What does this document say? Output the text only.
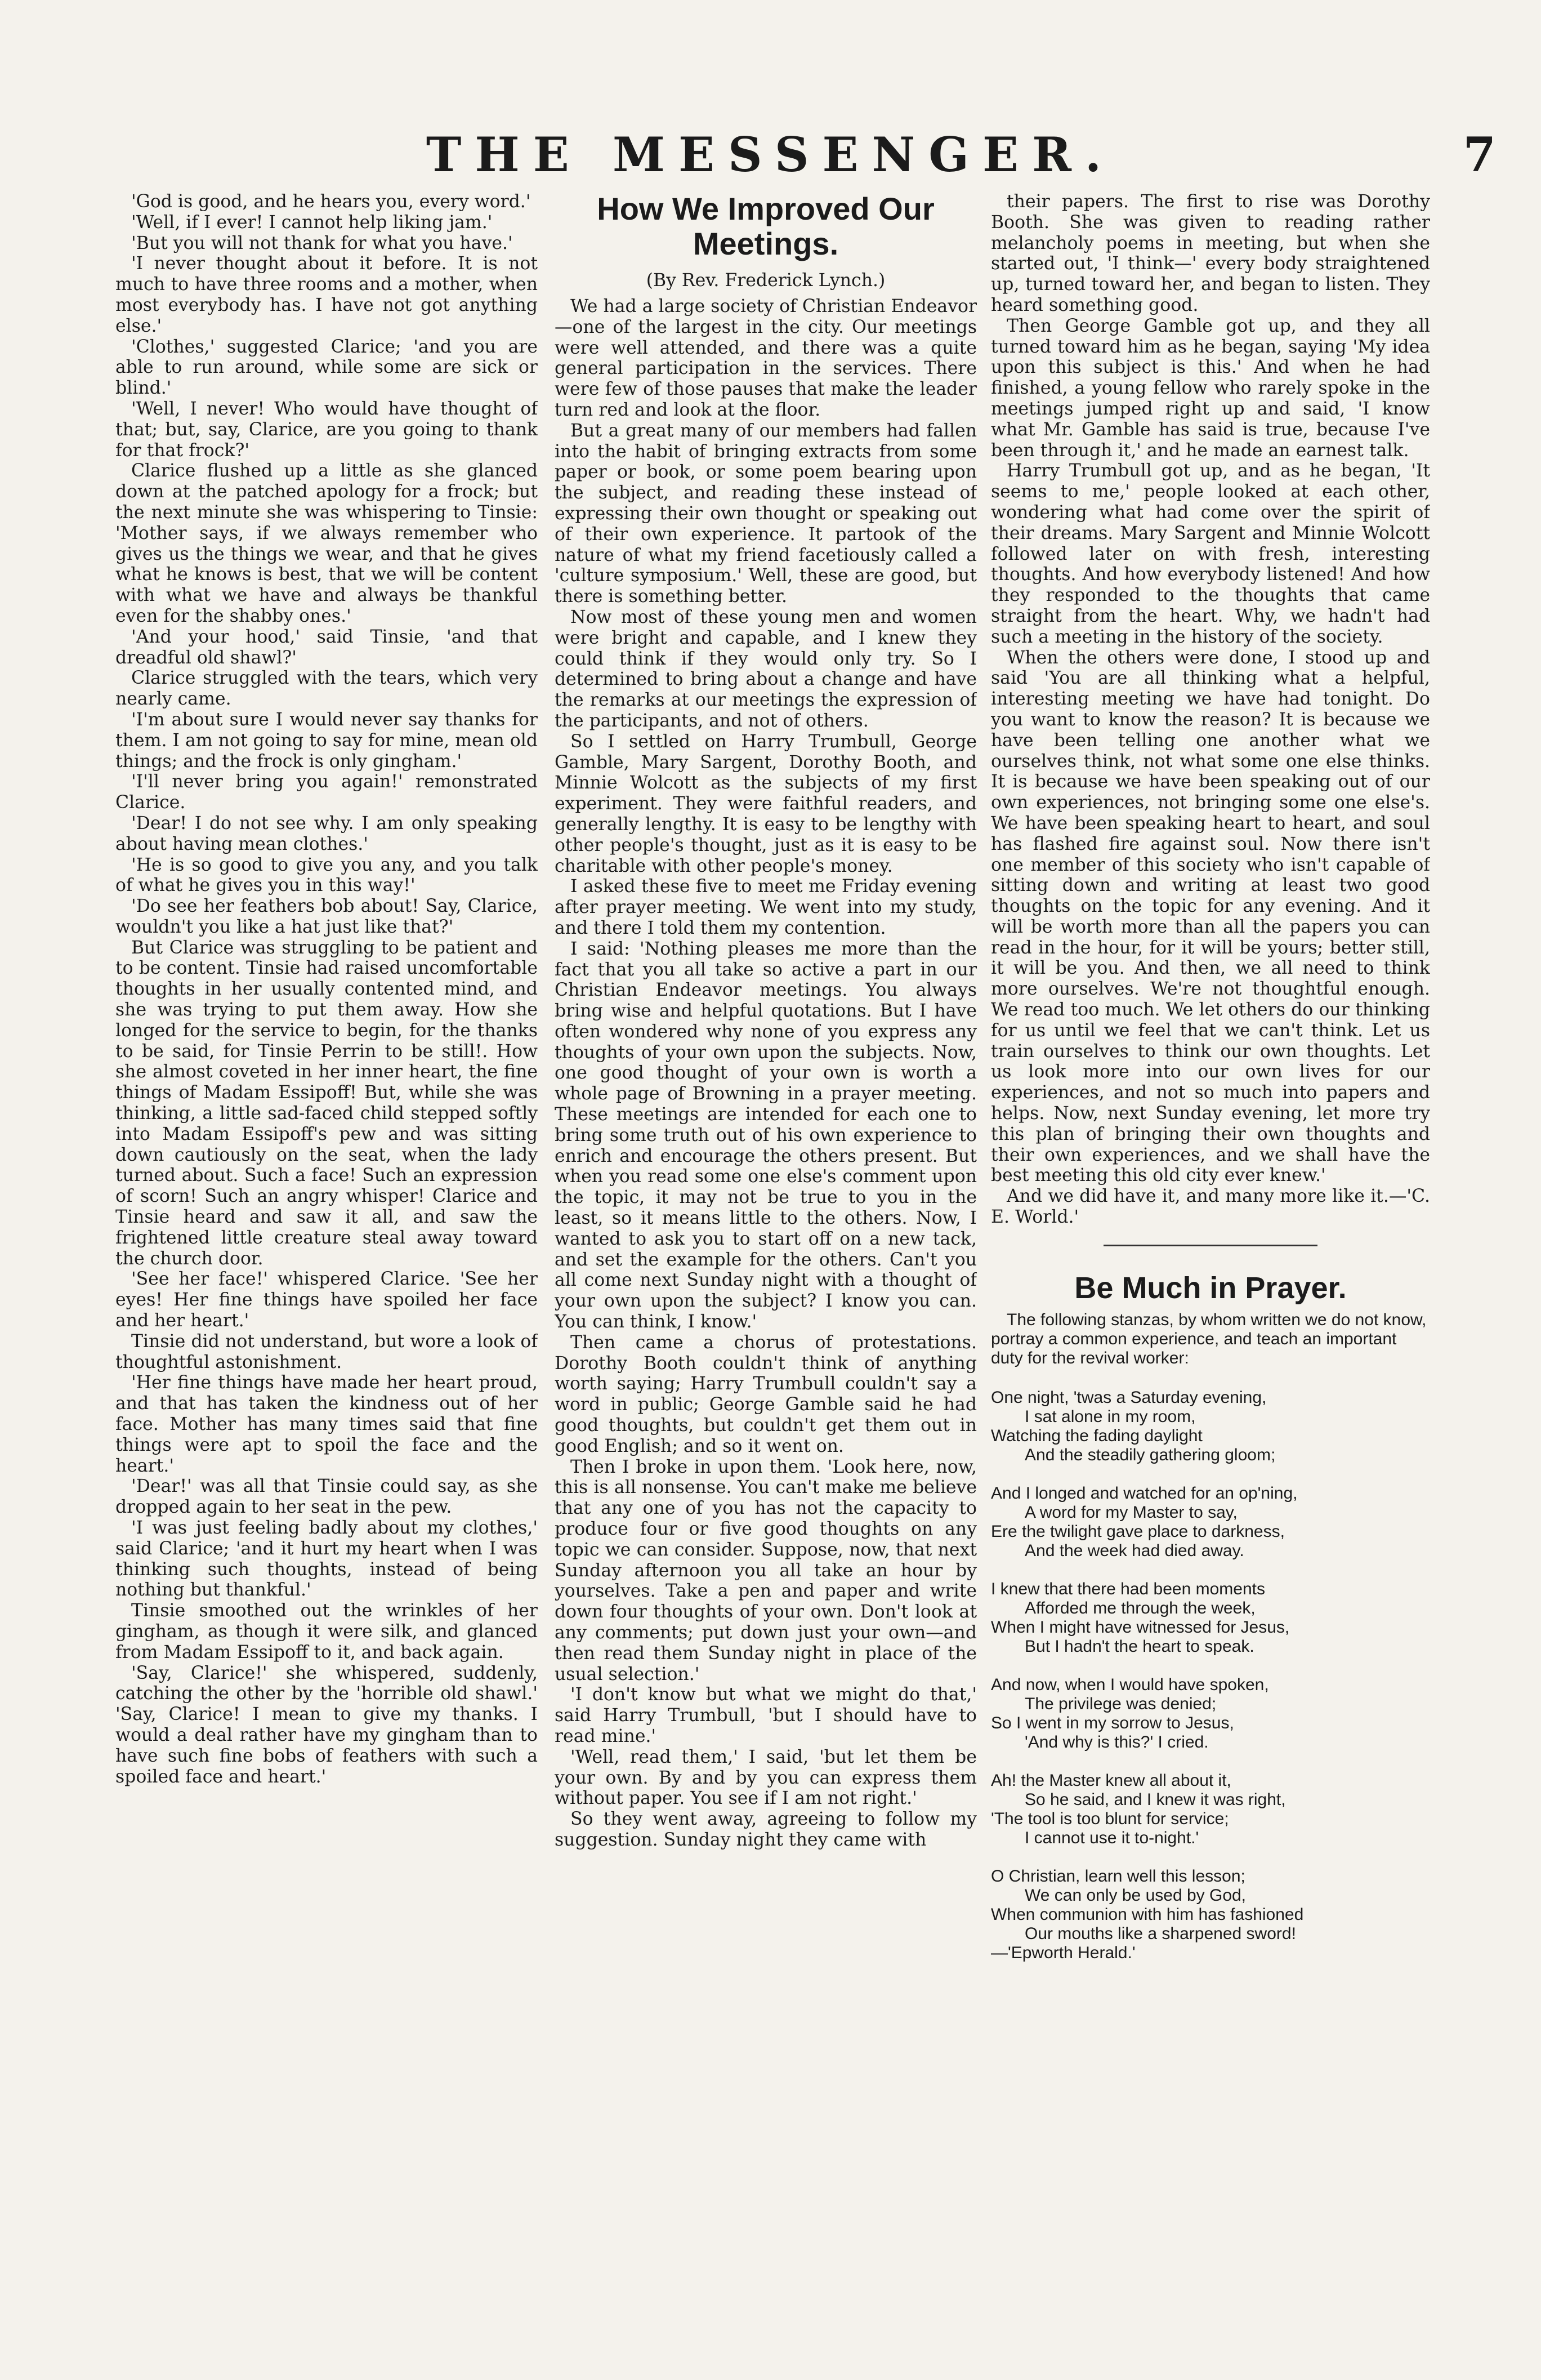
THE MESSENGER.	7

'God is good, and he hears you, every word.'

'Well, if I ever! I cannot help liking jam.'

'But you will not thank for what you have.'

'I never thought about it before. It is not much to have three rooms and a mother, when most everybody has. I have not got anything else.'

'Clothes,' suggested Clarice; 'and you are able to run around, while some are sick or blind.'

'Well, I never! Who would have thought of that; but, say, Clarice, are you going to thank for that frock?'

Clarice flushed up a little as she glanced down at the patched apology for a frock; but the next minute she was whispering to Tinsie: 'Mother says, if we always remember who gives us the things we wear, and that he gives what he knows is best, that we will be content with what we have and always be thankful even for the shabby ones.'

'And your hood,' said Tinsie, 'and that dreadful old shawl?'

Clarice struggled with the tears, which very nearly came.

'I'm about sure I would never say thanks for them. I am not going to say for mine, mean old things; and the frock is only gingham.'

'I'll never bring you again!' remonstrated Clarice.

'Dear! I do not see why. I am only speaking about having mean clothes.'

'He is so good to give you any, and you talk of what he gives you in this way!'

'Do see her feathers bob about! Say, Clarice, wouldn't you like a hat just like that?'

But Clarice was struggling to be patient and to be content. Tinsie had raised uncomfortable thoughts in her usually contented mind, and she was trying to put them away. How she longed for the service to begin, for the thanks to be said, for Tinsie Perrin to be still!. How she almost coveted in her inner heart, the fine things of Madam Essipoff! But, while she was thinking, a little sad-faced child stepped softly into Madam Essipoff's pew and was sitting down cautiously on the seat, when the lady turned about. Such a face! Such an expression of scorn! Such an angry whisper! Clarice and Tinsie heard and saw it all, and saw the frightened little creature steal away toward the church door.

'See her face!' whispered Clarice. 'See her eyes! Her fine things have spoiled her face and her heart.'

Tinsie did not understand, but wore a look of thoughtful astonishment.

'Her fine things have made her heart proud, and that has taken the kindness out of her face. Mother has many times said that fine things were apt to spoil the face and the heart.'

'Dear!' was all that Tinsie could say, as she dropped again to her seat in the pew.

'I was just feeling badly about my clothes,' said Clarice; 'and it hurt my heart when I was thinking such thoughts, instead of being nothing but thankful.'

Tinsie smoothed out the wrinkles of her gingham, as though it were silk, and glanced from Madam Essipoff to it, and back again.

'Say, Clarice!' she whispered, suddenly, catching the other by the 'horrible old shawl.' 'Say, Clarice! I mean to give my thanks. I would a deal rather have my gingham than to have such fine bobs of feathers with such a spoiled face and heart.'

How We Improved Our Meetings.
(By Rev. Frederick Lynch.)

We had a large society of Christian Endeavor—one of the largest in the city. Our meetings were well attended, and there was a quite general participation in the services. There were few of those pauses that make the leader turn red and look at the floor.

But a great many of our members had fallen into the habit of bringing extracts from some paper or book, or some poem bearing upon the subject, and reading these instead of expressing their own thought or speaking out of their own experience. It partook of the nature of what my friend facetiously called a 'culture symposium.' Well, these are good, but there is something better.

Now most of these young men and women were bright and capable, and I knew they could think if they would only try. So I determined to bring about a change and have the remarks at our meetings the expression of the participants, and not of others.

So I settled on Harry Trumbull, George Gamble, Mary Sargent, Dorothy Booth, and Minnie Wolcott as the subjects of my first experiment. They were faithful readers, and generally lengthy. It is easy to be lengthy with other people's thought, just as it is easy to be charitable with other people's money.

I asked these five to meet me Friday evening after prayer meeting. We went into my study, and there I told them my contention.

I said: 'Nothing pleases me more than the fact that you all take so active a part in our Christian Endeavor meetings. You always bring wise and helpful quotations. But I have often wondered why none of you express any thoughts of your own upon the subjects. Now, one good thought of your own is worth a whole page of Browning in a prayer meeting. These meetings are intended for each one to bring some truth out of his own experience to enrich and encourage the others present. But when you read some one else's comment upon the topic, it may not be true to you in the least, so it means little to the others. Now, I wanted to ask you to start off on a new tack, and set the example for the others. Can't you all come next Sunday night with a thought of your own upon the subject? I know you can. You can think, I know.'

Then came a chorus of protestations. Dorothy Booth couldn't think of anything worth saying; Harry Trumbull couldn't say a word in public; George Gamble said he had good thoughts, but couldn't get them out in good English; and so it went on.

Then I broke in upon them. 'Look here, now, this is all nonsense. You can't make me believe that any one of you has not the capacity to produce four or five good thoughts on any topic we can consider. Suppose, now, that next Sunday afternoon you all take an hour by yourselves. Take a pen and paper and write down four thoughts of your own. Don't look at any comments; put down just your own—and then read them Sunday night in place of the usual selection.'

'I don't know but what we might do that,' said Harry Trumbull, 'but I should have to read mine.'

'Well, read them,' I said, 'but let them be your own. By and by you can express them without paper. You see if I am not right.'

So they went away, agreeing to follow my suggestion. Sunday night they came with

their papers. The first to rise was Dorothy Booth. She was given to reading rather melancholy poems in meeting, but when she started out, 'I think—' every body straightened up, turned toward her, and began to listen. They heard something good.

Then George Gamble got up, and they all turned toward him as he began, saying 'My idea upon this subject is this.' And when he had finished, a young fellow who rarely spoke in the meetings jumped right up and said, 'I know what Mr. Gamble has said is true, because I've been through it,' and he made an earnest talk.

Harry Trumbull got up, and as he began, 'It seems to me,' people looked at each other, wondering what had come over the spirit of their dreams. Mary Sargent and Minnie Wolcott followed later on with fresh, interesting thoughts. And how everybody listened! And how they responded to the thoughts that came straight from the heart. Why, we hadn't had such a meeting in the history of the society.

When the others were done, I stood up and said 'You are all thinking what a helpful, interesting meeting we have had tonight. Do you want to know the reason? It is because we have been telling one another what we ourselves think, not what some one else thinks. It is because we have been speaking out of our own experiences, not bringing some one else's. We have been speaking heart to heart, and soul has flashed fire against soul. Now there isn't one member of this society who isn't capable of sitting down and writing at least two good thoughts on the topic for any evening. And it will be worth more than all the papers you can read in the hour, for it will be yours; better still, it will be you. And then, we all need to think more ourselves. We're not thoughtful enough. We read too much. We let others do our thinking for us until we feel that we can't think. Let us train ourselves to think our own thoughts. Let us look more into our own lives for our experiences, and not so much into papers and helps. Now, next Sunday evening, let more try this plan of bringing their own thoughts and their own experiences, and we shall have the best meeting this old city ever knew.'

And we did have it, and many more like it.—'C. E. World.'

Be Much in Prayer.
The following stanzas, by whom written we do not know, portray a common experience, and teach an important duty for the revival worker:
One night, 'twas a Saturday evening,
I sat alone in my room,
Watching the fading daylight
And the steadily gathering gloom;
And I longed and watched for an op'ning,
A word for my Master to say,
Ere the twilight gave place to darkness,
And the week had died away.
I knew that there had been moments
Afforded me through the week,
When I might have witnessed for Jesus,
But I hadn't the heart to speak.
And now, when I would have spoken,
The privilege was denied;
So I went in my sorrow to Jesus,
'And why is this?' I cried.
Ah! the Master knew all about it,
So he said, and I knew it was right,
'The tool is too blunt for service;
I cannot use it to-night.'
O Christian, learn well this lesson;
We can only be used by God,
When communion with him has fashioned
Our mouths like a sharpened sword!
—'Epworth Herald.'
